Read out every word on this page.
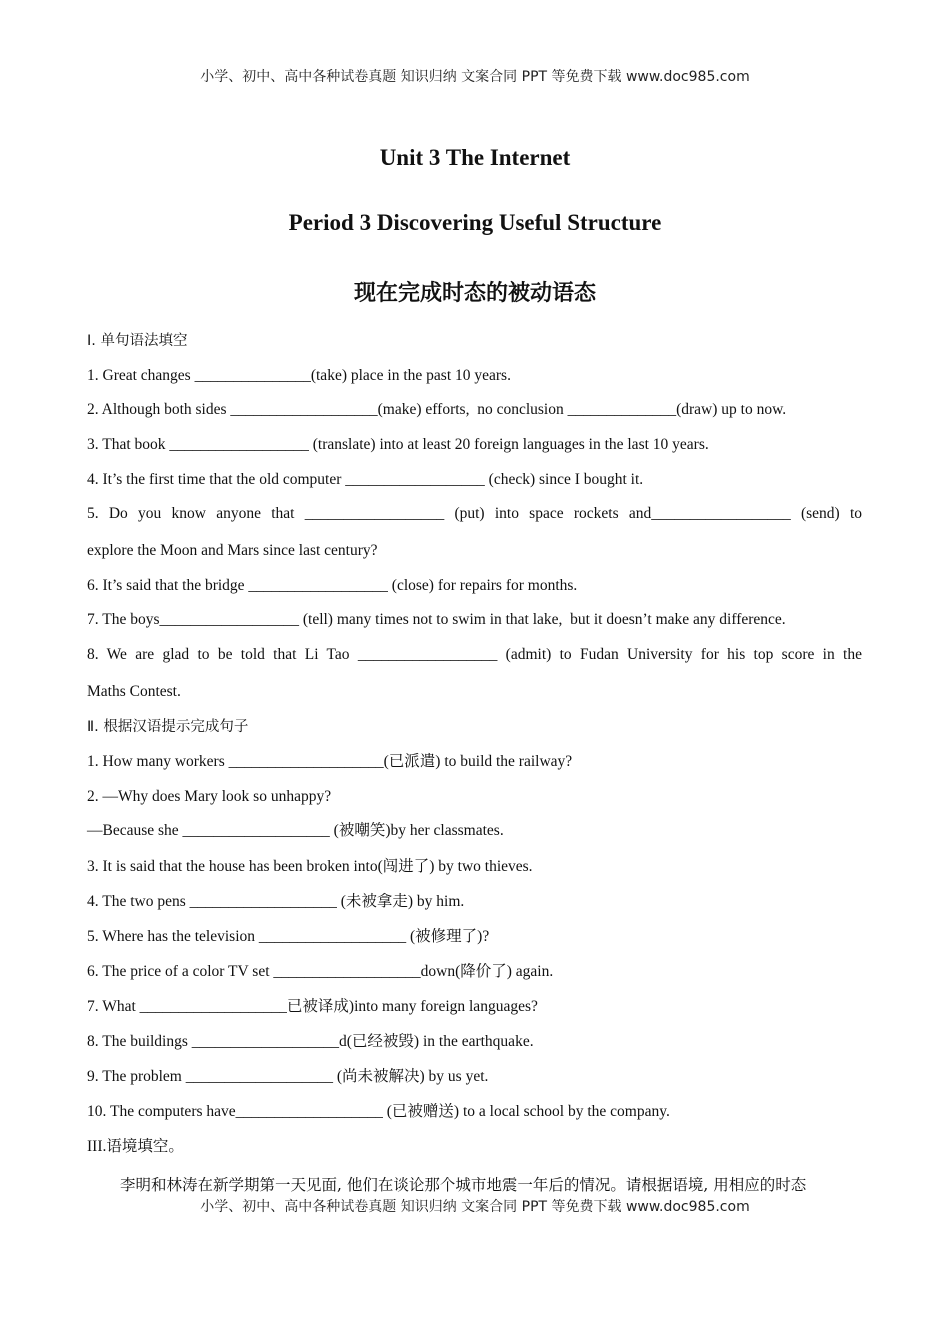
小学、初中、高中各种试卷真题 知识归纳 文案合同 PPT 等免费下载 www.doc985.com
Unit 3 The Internet
Period 3 Discovering Useful Structure
现在完成时态的被动语态
Ⅰ. 单句语法填空
1. Great changes _______________(take) place in the past 10 years.
2. Although both sides ___________________(make) efforts,  no conclusion ______________(draw) up to now.
3. That book __________________ (translate) into at least 20 foreign languages in the last 10 years.
4. It’s the first time that the old computer __________________ (check) since I bought it.
5. Do you know anyone that __________________ (put) into space rockets and__________________ (send) to
explore the Moon and Mars since last century?
6. It’s said that the bridge __________________ (close) for repairs for months.
7. The boys__________________ (tell) many times not to swim in that lake,  but it doesn’t make any difference.
8. We are glad to be told that Li Tao __________________ (admit) to Fudan University for his top score in the
Maths Contest.
Ⅱ. 根据汉语提示完成句子
1. How many workers ____________________(已派遣) to build the railway?
2. —Why does Mary look so unhappy?
—Because she ___________________ (被嘲笑)by her classmates.
3. It is said that the house has been broken into(闯进了) by two thieves.
4. The two pens ___________________ (未被拿走) by him.
5. Where has the television ___________________ (被修理了)?
6. The price of a color TV set ___________________down(降价了) again.
7. What ___________________已被译成)into many foreign languages?
8. The buildings ___________________d(已经被毁) in the earthquake.
9. The problem ___________________ (尚未被解决) by us yet.
10. The computers have___________________ (已被赠送) to a local school by the company.
III.语境填空。
李明和林涛在新学期第一天见面, 他们在谈论那个城市地震一年后的情况。请根据语境, 用相应的时态
小学、初中、高中各种试卷真题 知识归纳 文案合同 PPT 等免费下载 www.doc985.com
